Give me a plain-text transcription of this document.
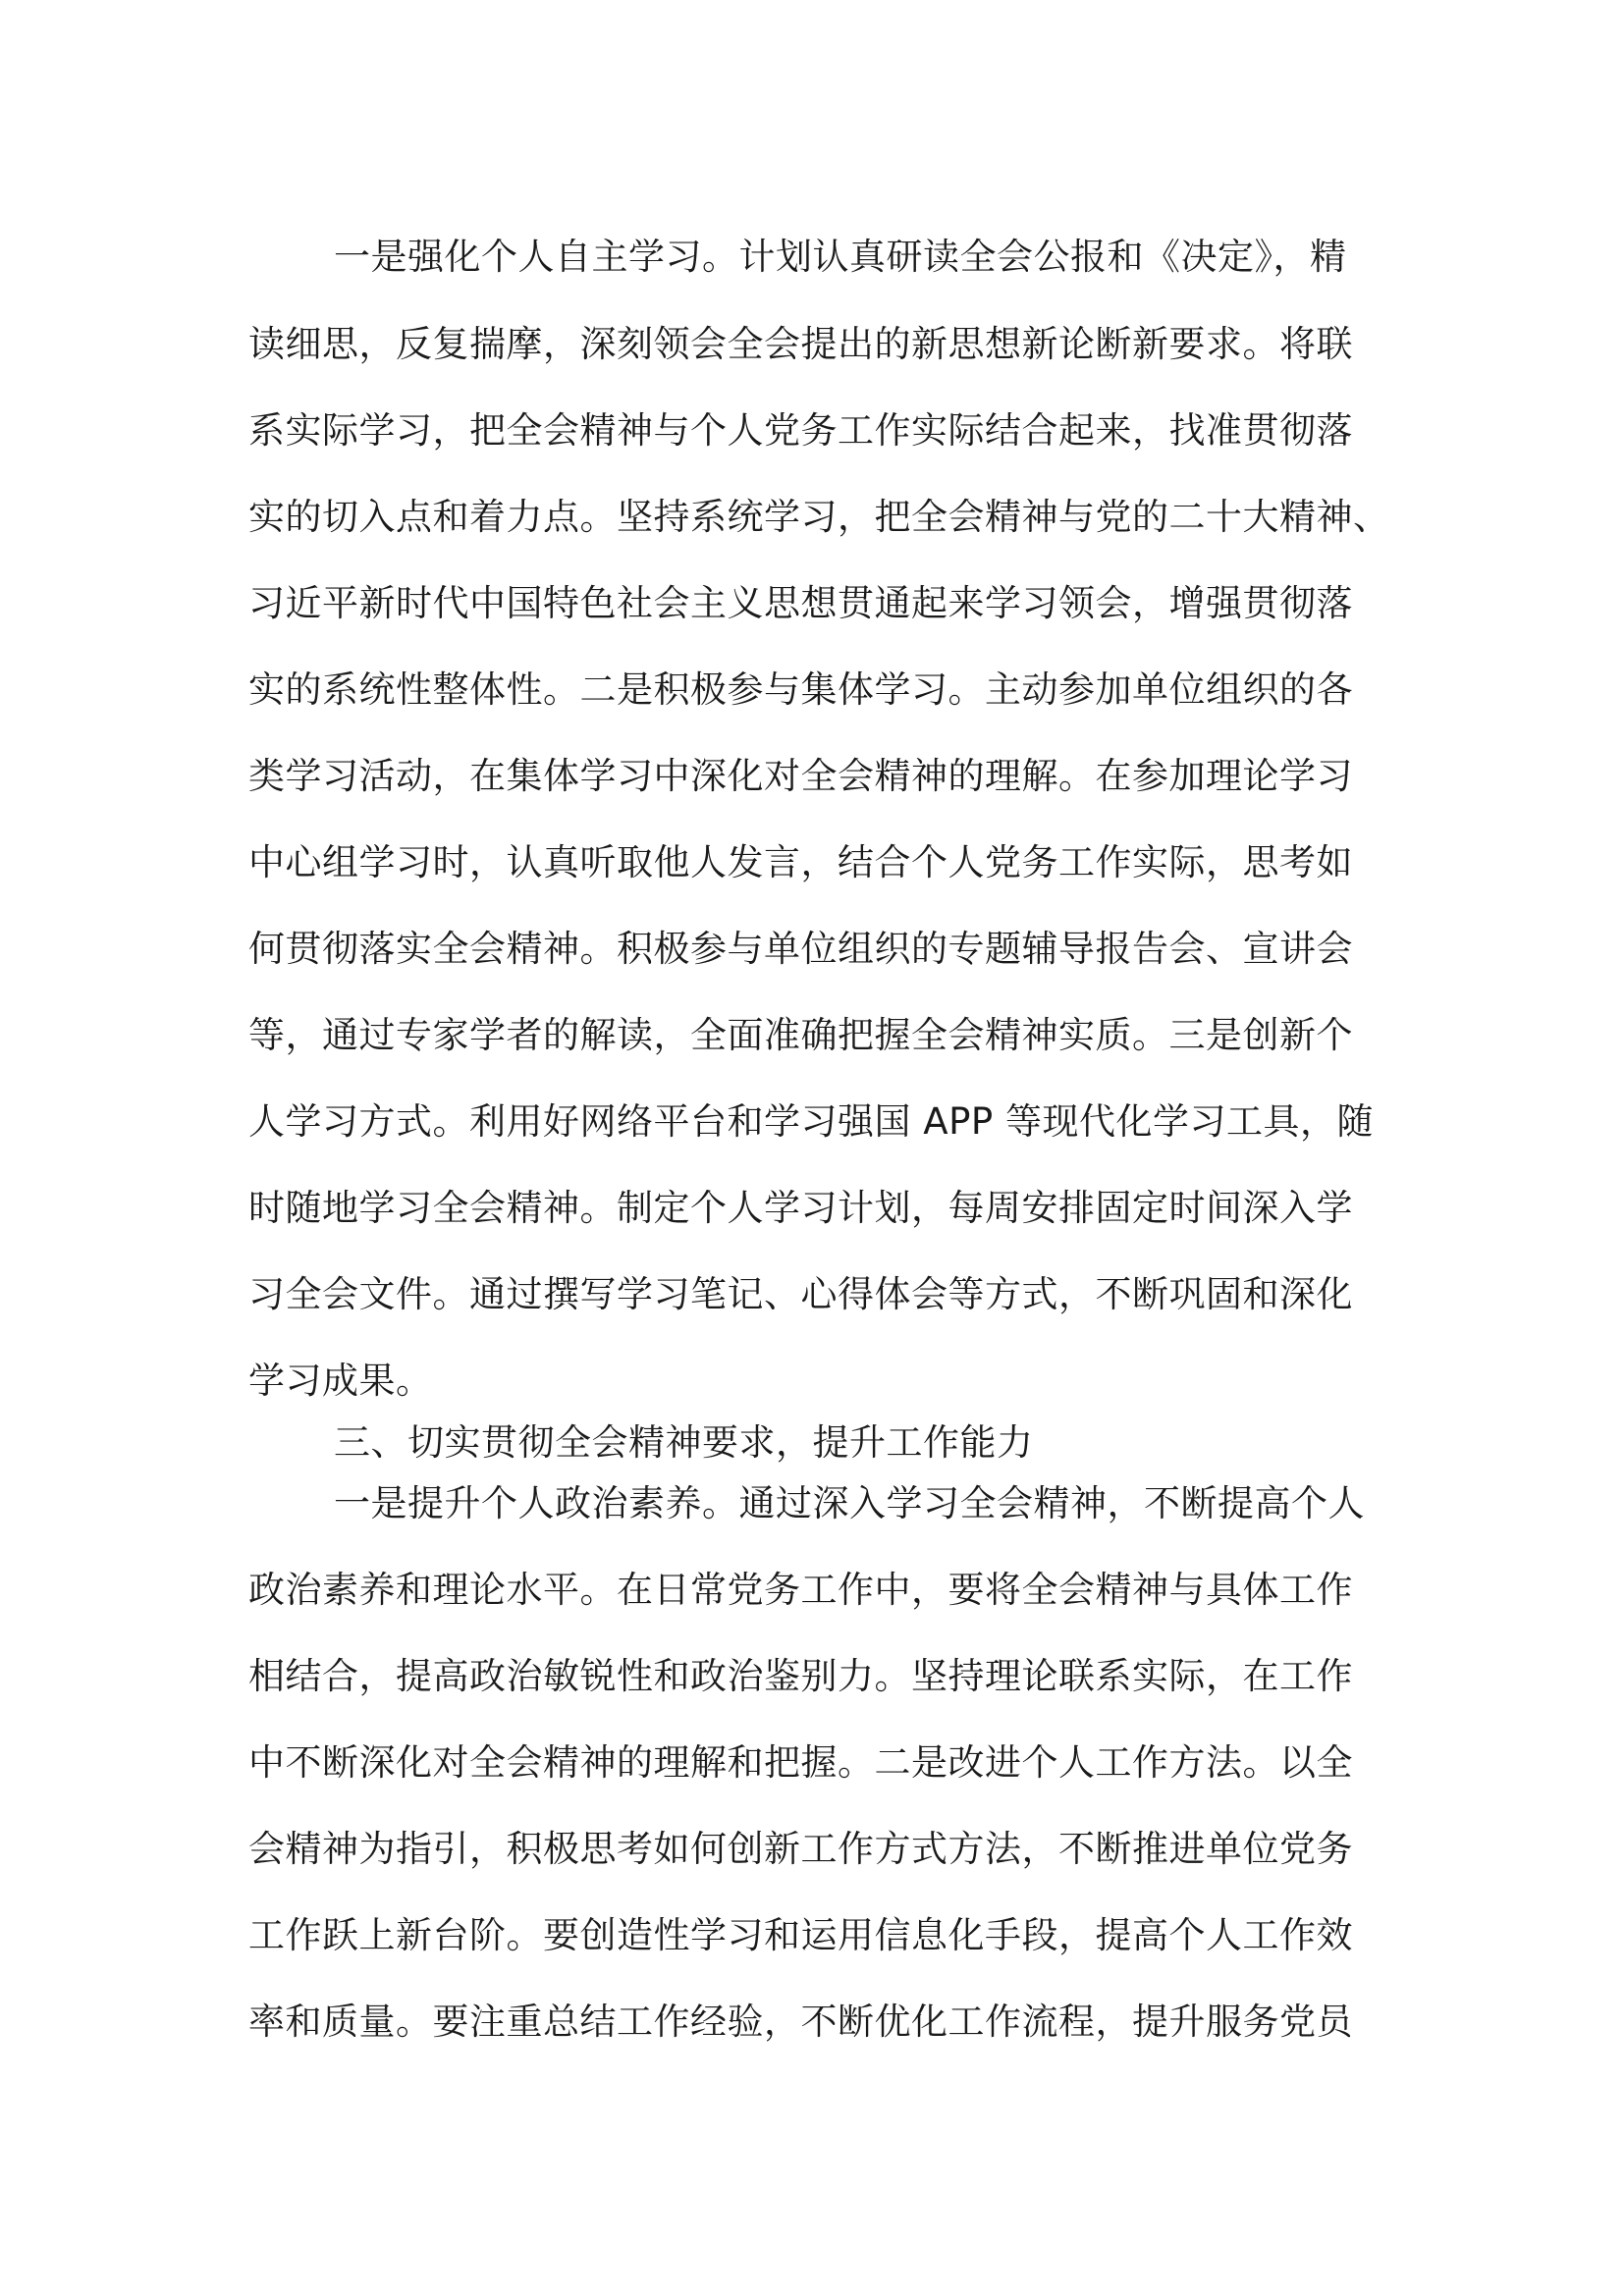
一是强化个人自主学习。计划认真研读全会公报和《决定》，精
读细思，反复揣摩，深刻领会全会提出的新思想新论断新要求。将联
系实际学习，把全会精神与个人党务工作实际结合起来，找准贯彻落
实的切入点和着力点。坚持系统学习，把全会精神与党的二十大精神、
习近平新时代中国特色社会主义思想贯通起来学习领会，增强贯彻落
实的系统性整体性。二是积极参与集体学习。主动参加单位组织的各
类学习活动，在集体学习中深化对全会精神的理解。在参加理论学习
中心组学习时，认真听取他人发言，结合个人党务工作实际，思考如
何贯彻落实全会精神。积极参与单位组织的专题辅导报告会、宣讲会
等，通过专家学者的解读，全面准确把握全会精神实质。三是创新个
人学习方式。利用好网络平台和学习强国 APP 等现代化学习工具，随
时随地学习全会精神。制定个人学习计划，每周安排固定时间深入学
习全会文件。通过撰写学习笔记、心得体会等方式，不断巩固和深化
学习成果。
三、切实贯彻全会精神要求，提升工作能力
一是提升个人政治素养。通过深入学习全会精神，不断提高个人
政治素养和理论水平。在日常党务工作中，要将全会精神与具体工作
相结合，提高政治敏锐性和政治鉴别力。坚持理论联系实际，在工作
中不断深化对全会精神的理解和把握。二是改进个人工作方法。以全
会精神为指引，积极思考如何创新工作方式方法，不断推进单位党务
工作跃上新台阶。要创造性学习和运用信息化手段，提高个人工作效
率和质量。要注重总结工作经验，不断优化工作流程，提升服务党员
